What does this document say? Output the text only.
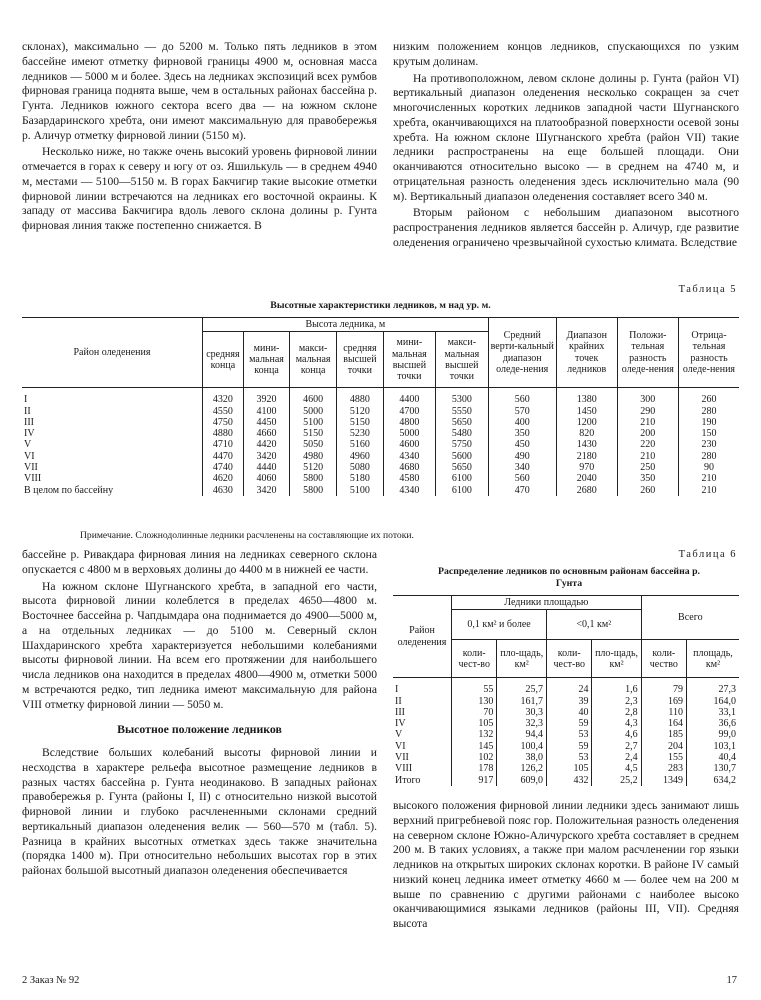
склонах), максимально — до 5200 м. Только пять ледников в этом бассейне имеют отметку фирновой границы 4900 м, основная масса ледников — 5000 м и более. Здесь на ледниках экспозиций всех румбов фирновая граница поднята выше, чем в остальных районах бассейна р. Гунта. Ледников южного сектора всего два — на южном склоне Базардаринского хребта, они имеют максимальную для правобережья р. Аличур отметку фирновой линии (5150 м).

Несколько ниже, но также очень высокий уровень фирновой линии отмечается в горах к северу и югу от оз. Яшилькуль — в среднем 4940 м, местами — 5100—5150 м. В горах Бакчигир такие высокие отметки фирновой линии встречаются на ледниках его восточной окраины. К западу от массива Бакчигира вдоль левого склона долины р. Гунта фирновая линия также постепенно снижается. В

низким положением концов ледников, спускающихся по узким крутым долинам.

На противоположном, левом склоне долины р. Гунта (район VI) вертикальный диапазон оледенения несколько сокращен за счет многочисленных коротких ледников западной части Шугнанского хребта, оканчивающихся на платообразной поверхности осевой зоны хребта. На южном склоне Шугнанского хребта (район VII) такие ледники распространены на еще большей площади. Они оканчиваются относительно высоко — в среднем на 4740 м, и отрицательная разность оледенения здесь исключительно мала (90 м). Вертикальный диапазон оледенения составляет всего 340 м.

Вторым районом с небольшим диапазоном высотного распространения ледников является бассейн р. Аличур, где развитие оледенения ограничено чрезвычайной сухостью климата. Вследствие

Таблица 5
Высотные характеристики ледников, м над ур. м.
Район оледенения	Высота ледника, м						Средний верти-кальный диапазон оледе-нения	Диапазон крайних точек ледников	Положи-тельная разность оледе-нения	Отрица-тельная разность оледе-нения
	средняя конца	мини-мальная конца	макси-мальная конца	средняя высшей точки	мини-мальная высшей точки	макси-мальная высшей точки				
I	4320	3920	4600	4880	4400	5300	560	1380	300	260
II	4550	4100	5000	5120	4700	5550	570	1450	290	280
III	4750	4450	5100	5150	4800	5650	400	1200	210	190
IV	4880	4660	5150	5230	5000	5480	350	820	200	150
V	4710	4420	5050	5160	4600	5750	450	1430	220	230
VI	4470	3420	4980	4960	4340	5600	490	2180	210	280
VII	4740	4440	5120	5080	4680	5650	340	970	250	90
VIII	4620	4060	5800	5180	4580	6100	560	2040	350	210
В целом по бассейну	4630	3420	5800	5100	4340	6100	470	2680	260	210
Примечание. Сложнодолинные ледники расчленены на составляющие их потоки.

бассейне р. Ривакдара фирновая линия на ледниках северного склона опускается с 4800 м в верховьях долины до 4400 м в нижней ее части.

На южном склоне Шугнанского хребта, в западной его части, высота фирновой линии колеблется в пределах 4650—4800 м. Восточнее бассейна р. Чапдымдара она поднимается до 4900—5000 м, а на отдельных ледниках — до 5100 м. Северный склон Шахдаринского хребта характеризуется небольшими колебаниями высоты фирновой линии. На всем его протяжении для наибольшего числа ледников она находится в пределах 4800—4900 м, отметки 5000 м встречаются редко, тип ледника имеют максимальную для района VIII отметку фирновой линии — 5050 м.

Высотное положение ледников

Вследствие больших колебаний высоты фирновой линии и несходства в характере рельефа высотное размещение ледников в разных частях бассейна р. Гунта неодинаково. В западных районах правобережья р. Гунта (районы I, II) с относительно низкой высотой фирновой линии и глубоко расчлененными склонами средний вертикальный диапазон оледенения велик — 560—570 м (табл. 5). Разница в крайних высотных отметках здесь также значительна (порядка 1400 м). При относительно небольших высотах гор в этих районах большой высотный диапазон оледенения обеспечивается

Таблица 6
Распределение ледников по основным районам бассейна р. Гунта
Район оледенения	Ледники площадью				Всего	
	0,1 км² и более		<0,1 км²			
	коли-чест-во	пло-щадь, км²	коли-чест-во	пло-щадь, км²	коли-чество	площадь, км²
I	55	25,7	24	1,6	79	27,3
II	130	161,7	39	2,3	169	164,0
III	70	30,3	40	2,8	110	33,1
IV	105	32,3	59	4,3	164	36,6
V	132	94,4	53	4,6	185	99,0
VI	145	100,4	59	2,7	204	103,1
VII	102	38,0	53	2,4	155	40,4
VIII	178	126,2	105	4,5	283	130,7
Итого	917	609,0	432	25,2	1349	634,2

высокого положения фирновой линии ледники здесь занимают лишь верхний пригребневой пояс гор. Положительная разность оледенения на северном склоне Южно-Аличурского хребта составляет в среднем 200 м. В таких условиях, а также при малом расчленении гор языки ледников на открытых широких склонах коротки. В районе IV самый низкий конец ледника имеет отметку 4660 м — более чем на 200 м выше по сравнению с другими районами с наиболее высоко оканчивающимися языками ледников (районы III, VII). Средняя высота

2 Заказ № 92	17
